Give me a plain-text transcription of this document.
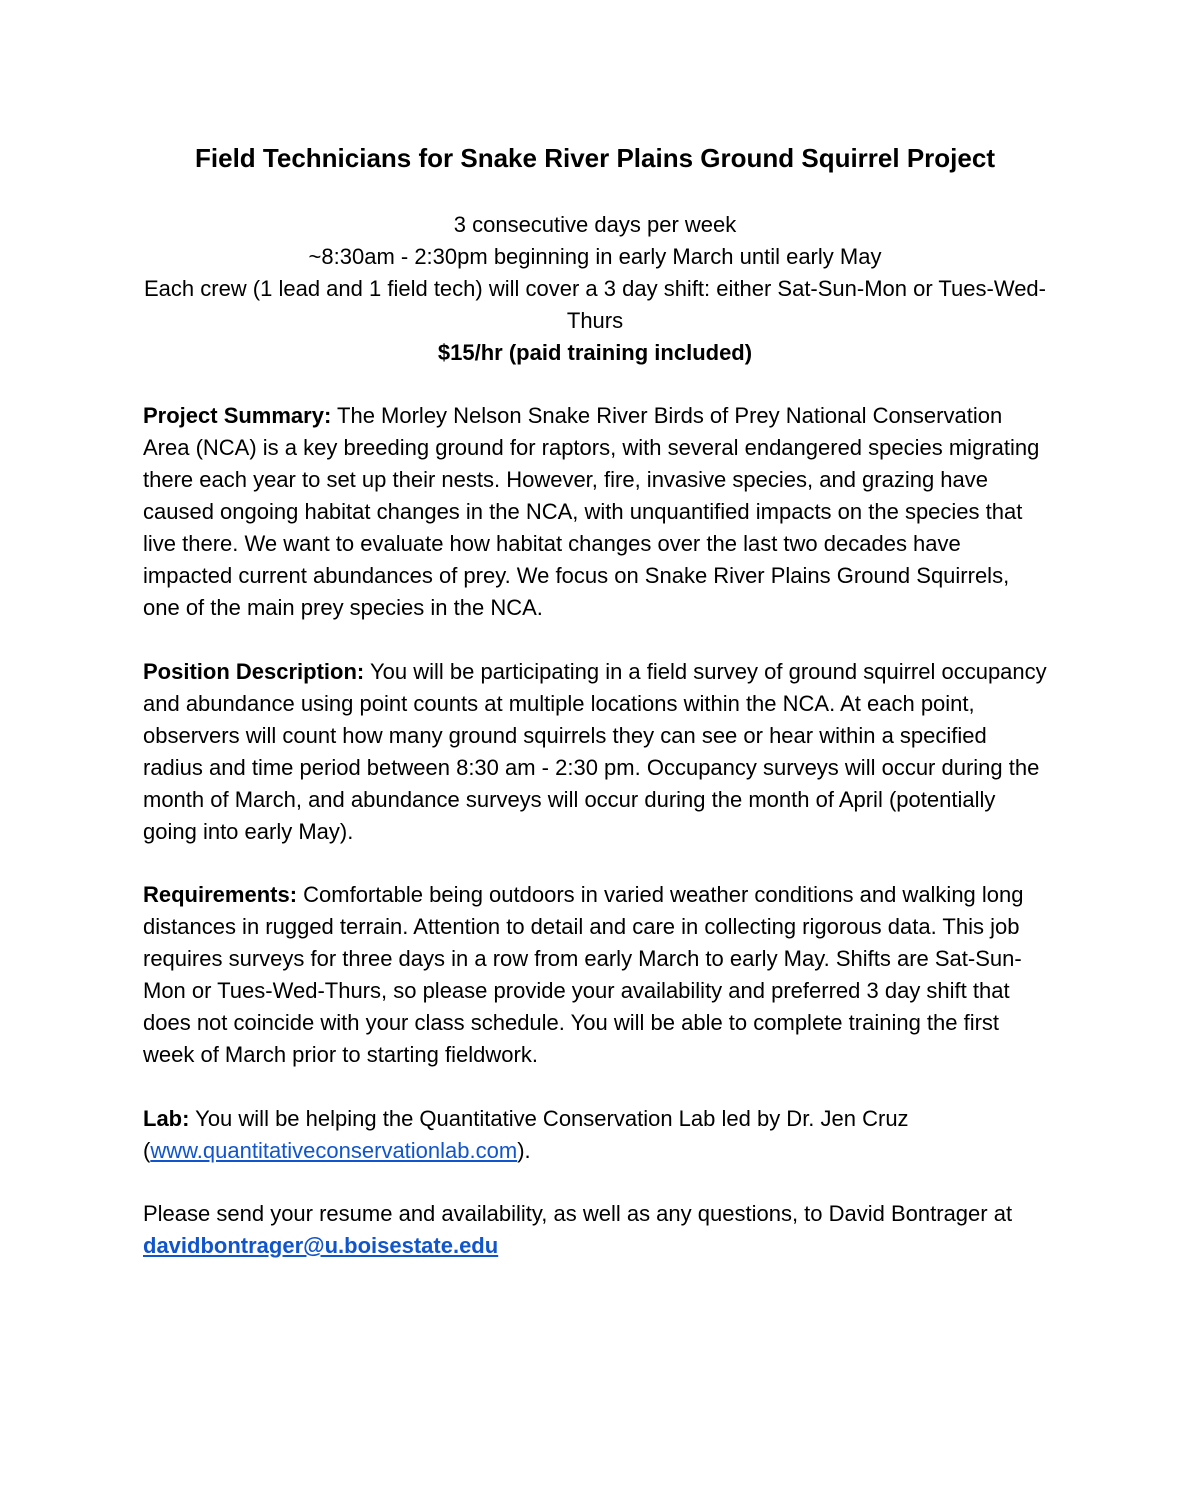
Field Technicians for Snake River Plains Ground Squirrel Project
3 consecutive days per week
~8:30am - 2:30pm beginning in early March until early May
Each crew (1 lead and 1 field tech) will cover a 3 day shift: either Sat-Sun-Mon or Tues-Wed-Thurs
$15/hr (paid training included)

Project Summary: The Morley Nelson Snake River Birds of Prey National Conservation Area (NCA) is a key breeding ground for raptors, with several endangered species migrating there each year to set up their nests. However, fire, invasive species, and grazing have caused ongoing habitat changes in the NCA, with unquantified impacts on the species that live there. We want to evaluate how habitat changes over the last two decades have impacted current abundances of prey. We focus on Snake River Plains Ground Squirrels, one of the main prey species in the NCA.

Position Description: You will be participating in a field survey of ground squirrel occupancy and abundance using point counts at multiple locations within the NCA. At each point, observers will count how many ground squirrels they can see or hear within a specified radius and time period between 8:30 am - 2:30 pm. Occupancy surveys will occur during the month of March, and abundance surveys will occur during the month of April (potentially going into early May).

Requirements: Comfortable being outdoors in varied weather conditions and walking long distances in rugged terrain. Attention to detail and care in collecting rigorous data. This job requires surveys for three days in a row from early March to early May. Shifts are Sat-Sun-Mon or Tues-Wed-Thurs, so please provide your availability and preferred 3 day shift that does not coincide with your class schedule. You will be able to complete training the first week of March prior to starting fieldwork.

Lab: You will be helping the Quantitative Conservation Lab led by Dr. Jen Cruz (www.quantitativeconservationlab.com).

Please send your resume and availability, as well as any questions, to David Bontrager at davidbontrager@u.boisestate.edu
